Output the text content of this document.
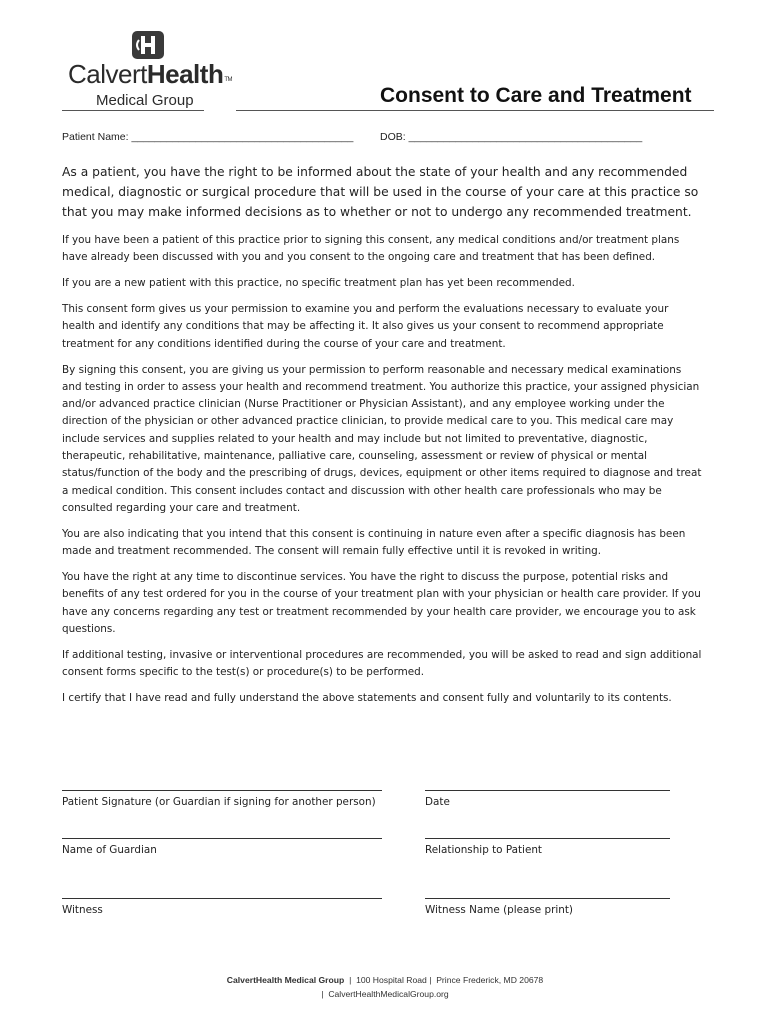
CalvertHealth™
Medical Group	Consent to Care and Treatment
Patient Name: ______________________________________	DOB: ________________________________________
As a patient, you have the right to be informed about the state of your health and any recommended medical, diagnostic or surgical procedure that will be used in the course of your care at this practice so that you may make informed decisions as to whether or not to undergo any recommended treatment.

If you have been a patient of this practice prior to signing this consent, any medical conditions and/or treatment plans have already been discussed with you and you consent to the ongoing care and treatment that has been defined.

If you are a new patient with this practice, no specific treatment plan has yet been recommended.

This consent form gives us your permission to examine you and perform the evaluations necessary to evaluate your health and identify any conditions that may be affecting it. It also gives us your consent to recommend appropriate treatment for any conditions identified during the course of your care and treatment.

By signing this consent, you are giving us your permission to perform reasonable and necessary medical examinations and testing in order to assess your health and recommend treatment. You authorize this practice, your assigned physician and/or advanced practice clinician (Nurse Practitioner or Physician Assistant), and any employee working under the direction of the physician or other advanced practice clinician, to provide medical care to you. This medical care may include services and supplies related to your health and may include but not limited to preventative, diagnostic, therapeutic, rehabilitative, maintenance, palliative care, counseling, assessment or review of physical or mental status/function of the body and the prescribing of drugs, devices, equipment or other items required to diagnose and treat a medical condition. This consent includes contact and discussion with other health care professionals who may be consulted regarding your care and treatment.

You are also indicating that you intend that this consent is continuing in nature even after a specific diagnosis has been made and treatment recommended. The consent will remain fully effective until it is revoked in writing.

You have the right at any time to discontinue services. You have the right to discuss the purpose, potential risks and benefits of any test ordered for you in the course of your treatment plan with your physician or health care provider. If you have any concerns regarding any test or treatment recommended by your health care provider, we encourage you to ask questions.

If additional testing, invasive or interventional procedures are recommended, you will be asked to read and sign additional consent forms specific to the test(s) or procedure(s) to be performed.

I certify that I have read and fully understand the above statements and consent fully and voluntarily to its contents.

Patient Signature (or Guardian if signing for another person)	Date
Name of Guardian	Relationship to Patient
Witness	Witness Name (please print)
CalvertHealth Medical Group | 100 Hospital Road | Prince Frederick, MD 20678
| CalvertHealthMedicalGroup.org
